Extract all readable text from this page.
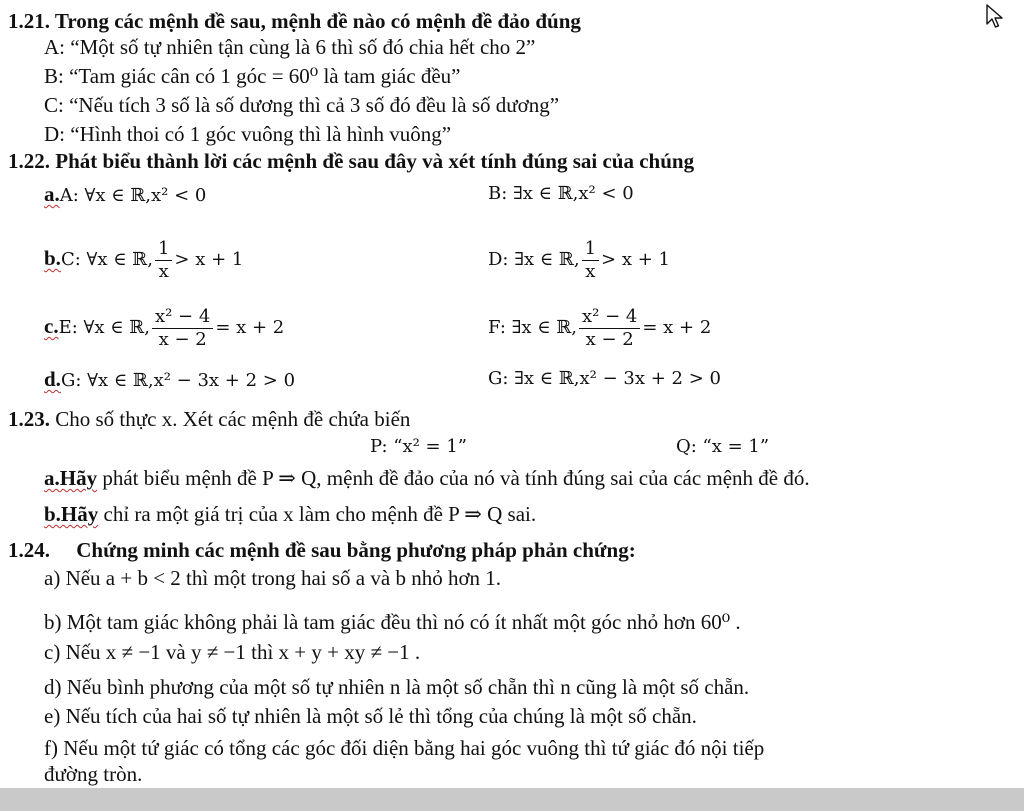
1.21. Trong các mệnh đề sau, mệnh đề nào có mệnh đề đảo đúng
A: “Một số tự nhiên tận cùng là 6 thì số đó chia hết cho 2”
B: “Tam giác cân có 1 góc = 60⁰ là tam giác đều”
C: “Nếu tích 3 số là số dương thì cả 3 số đó đều là số dương”
D: “Hình thoi có 1 góc vuông thì là hình vuông”
1.22. Phát biểu thành lời các mệnh đề sau đây và xét tính đúng sai của chúng
a.A: ∀x ∈ ℝ,x² < 0	B: ∃x ∈ ℝ,x² < 0
b.C: ∀x ∈ ℝ, $\frac{1}{x} > x + 1$	D: ∃x ∈ ℝ, $\frac{1}{x} > x + 1$
c.E: ∀x ∈ ℝ, $\frac{\text{x² − 4}}{x - 2} = x + 2$	F: ∃x ∈ ℝ, $\frac{\text{x² − 4}}{x - 2} = x + 2$
d.G: ∀x ∈ ℝ,x² − 3x + 2 > 0	G: ∃x ∈ ℝ,x² − 3x + 2 > 0
1.23. Cho số thực x. Xét các mệnh đề chứa biến
P: “x² = 1”	Q: “x = 1”
a.Hãy phát biểu mệnh đề P ⇒ Q, mệnh đề đảo của nó và tính đúng sai của các mệnh đề đó.
b.Hãy chỉ ra một giá trị của x làm cho mệnh đề P ⇒ Q sai.
1.24.     Chứng minh các mệnh đề sau bằng phương pháp phản chứng:
a) Nếu a + b < 2 thì một trong hai số a và b nhỏ hơn 1.
b) Một tam giác không phải là tam giác đều thì nó có ít nhất một góc nhỏ hơn 60⁰ .
c) Nếu x ≠ −1 và y ≠ −1 thì x + y + xy ≠ −1 .
d) Nếu bình phương của một số tự nhiên n là một số chẵn thì n cũng là một số chẵn.
e) Nếu tích của hai số tự nhiên là một số lẻ thì tổng của chúng là một số chẵn.
f) Nếu một tứ giác có tổng các góc đối diện bằng hai góc vuông thì tứ giác đó nội tiếp
đường tròn.
